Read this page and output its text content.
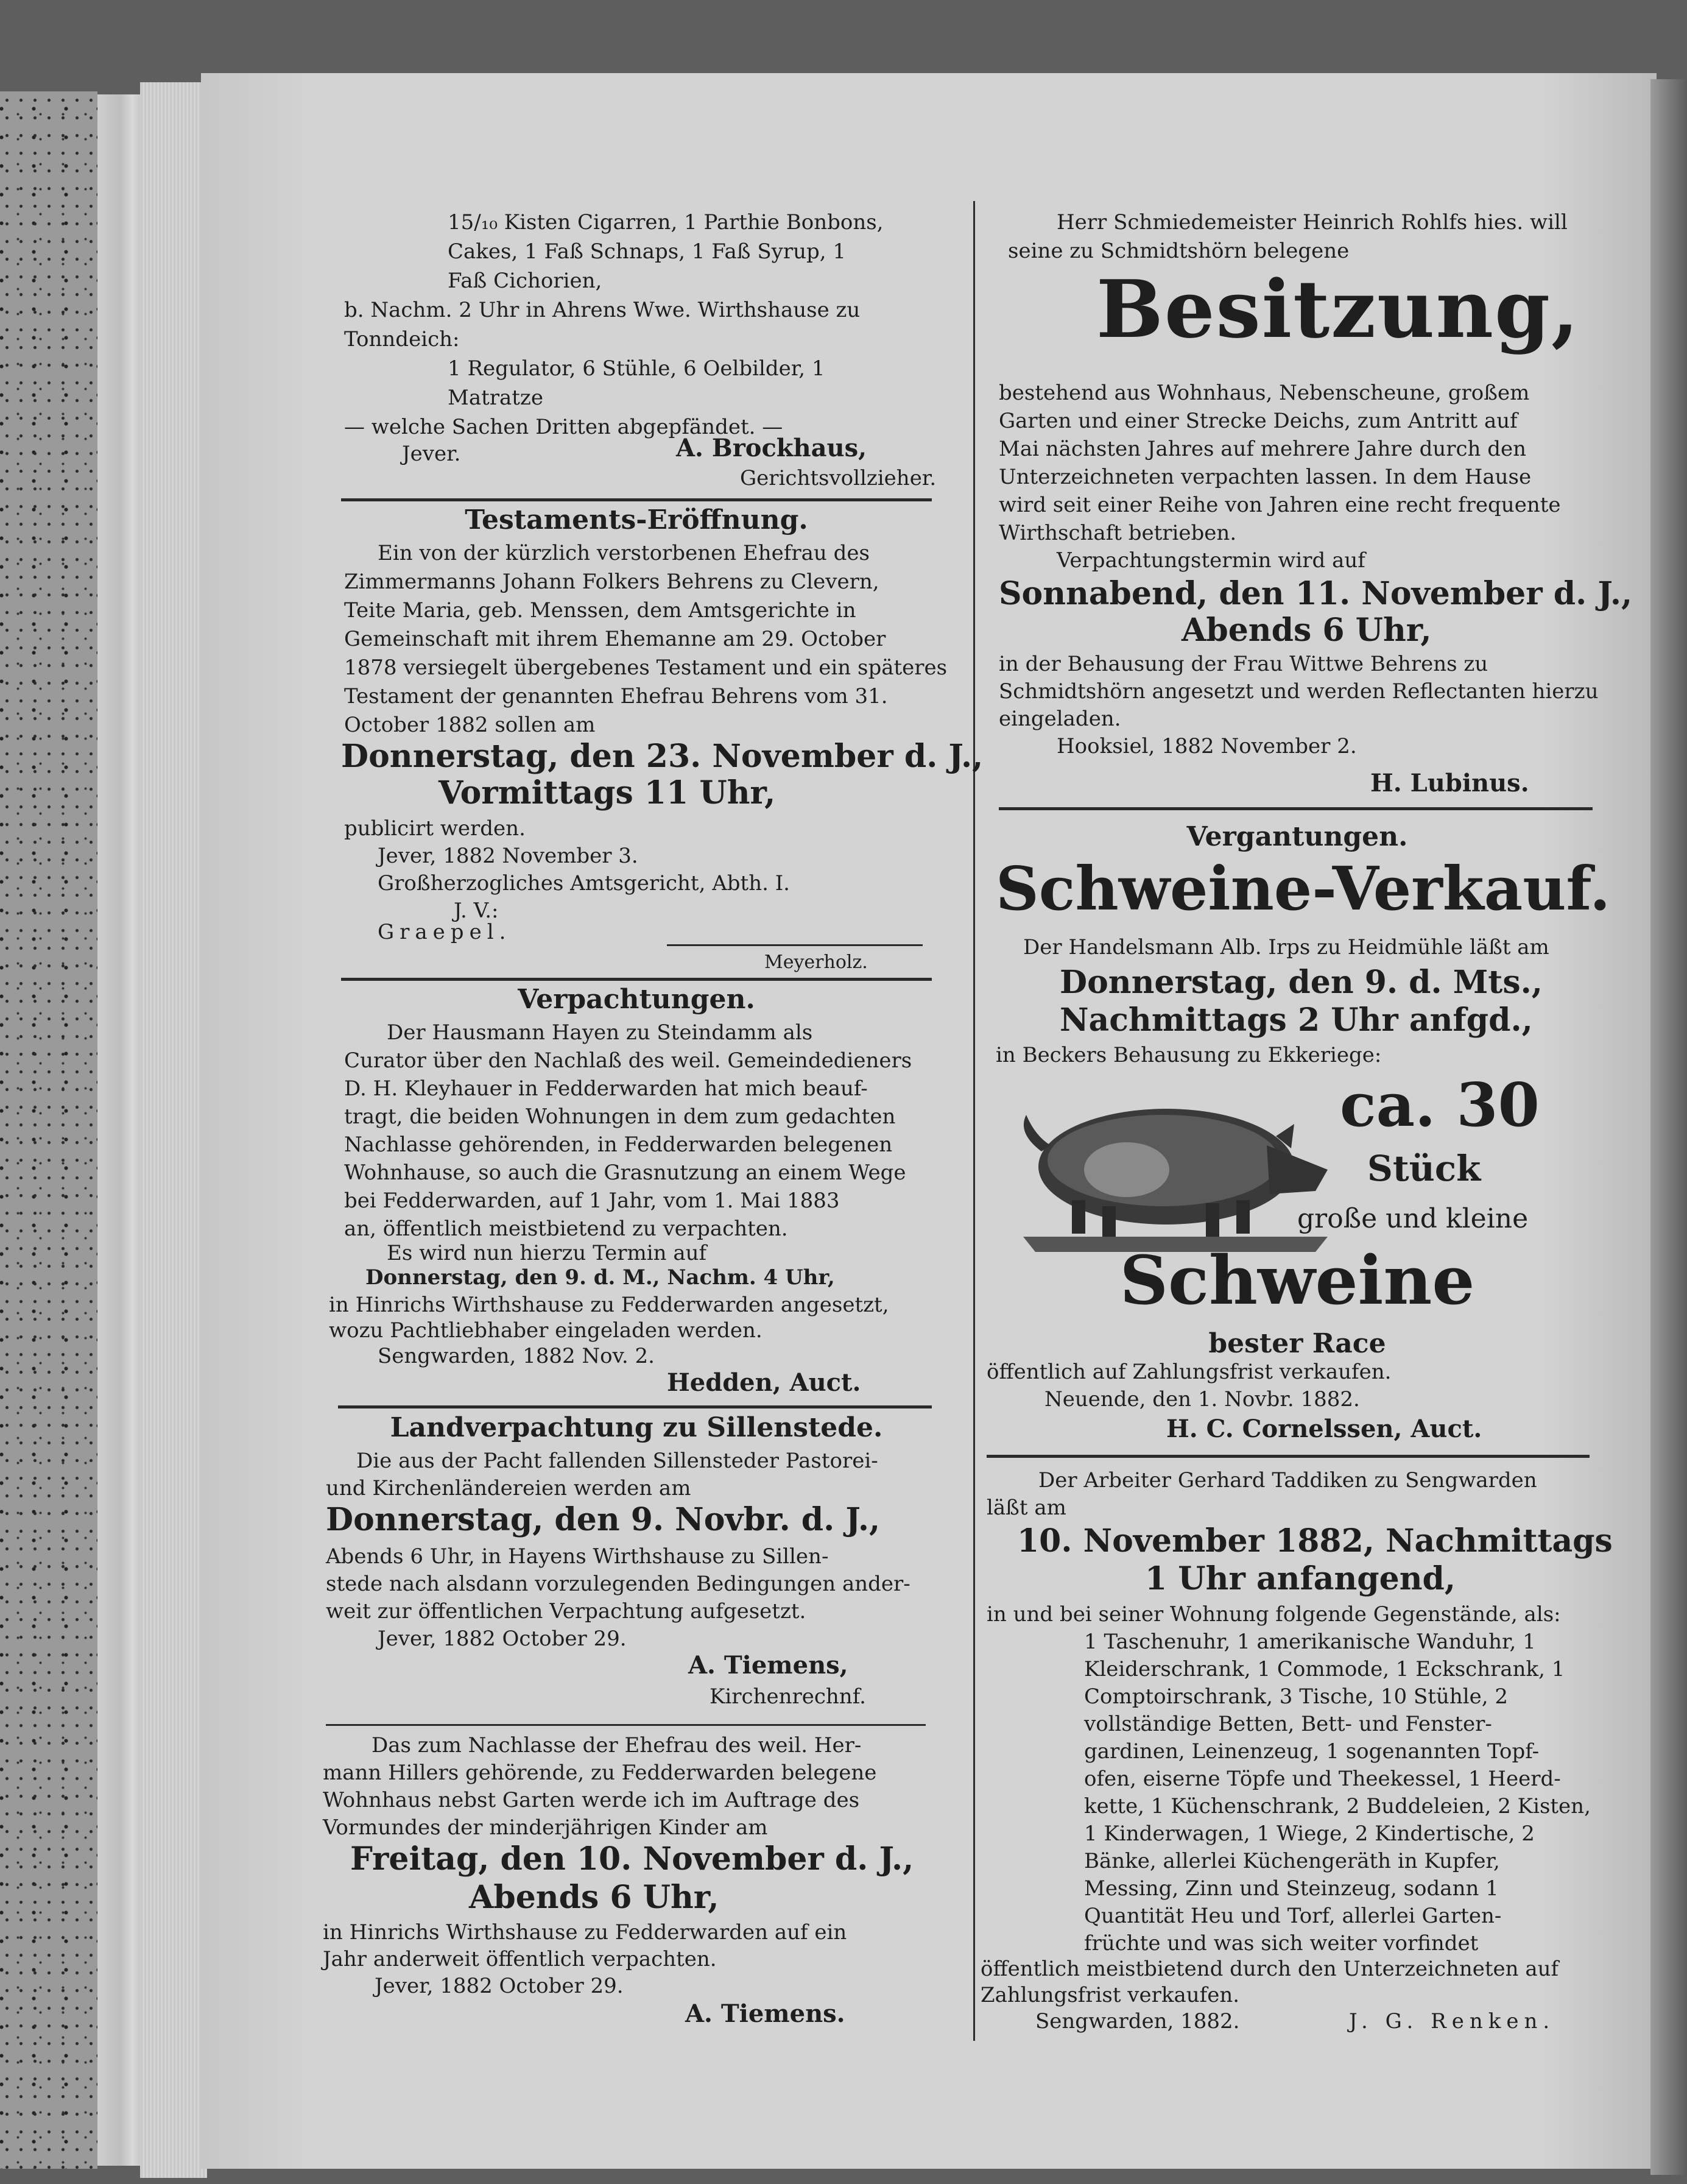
15/₁₀ Kisten Cigarren, 1 Parthie Bonbons,
Cakes, 1 Faß Schnaps, 1 Faß Syrup, 1
Faß Cichorien,
b. Nachm. 2 Uhr in Ahrens Wwe. Wirthshause zu
Tonndeich:
1 Regulator, 6 Stühle, 6 Oelbilder, 1
Matratze
— welche Sachen Dritten abgepfändet. —
Jever.	A. Brockhaus,
Gerichtsvollzieher.
Testaments-Eröffnung.
Ein von der kürzlich verstorbenen Ehefrau des
Zimmermanns Johann Folkers Behrens zu Clevern,
Teite Maria, geb. Menssen, dem Amtsgerichte in
Gemeinschaft mit ihrem Ehemanne am 29. October
1878 versiegelt übergebenes Testament und ein späteres
Testament der genannten Ehefrau Behrens vom 31.
October 1882 sollen am
Donnerstag, den 23. November d. J.,
Vormittags 11 Uhr,
publicirt werden.
Jever, 1882 November 3.
Großherzogliches Amtsgericht, Abth. I.
J. V.:
Graepel.
Meyerholz.
Verpachtungen.
Der Hausmann Hayen zu Steindamm als
Curator über den Nachlaß des weil. Gemeindedieners
D. H. Kleyhauer in Fedderwarden hat mich beauf-
tragt, die beiden Wohnungen in dem zum gedachten
Nachlasse gehörenden, in Fedderwarden belegenen
Wohnhause, so auch die Grasnutzung an einem Wege
bei Fedderwarden, auf 1 Jahr, vom 1. Mai 1883
an, öffentlich meistbietend zu verpachten.
Es wird nun hierzu Termin auf
Donnerstag, den 9. d. M., Nachm. 4 Uhr,
in Hinrichs Wirthshause zu Fedderwarden angesetzt,
wozu Pachtliebhaber eingeladen werden.
Sengwarden, 1882 Nov. 2.
Hedden, Auct.
Landverpachtung zu Sillenstede.
Die aus der Pacht fallenden Sillensteder Pastorei-
und Kirchenländereien werden am
Donnerstag, den 9. Novbr. d. J.,
Abends 6 Uhr, in Hayens Wirthshause zu Sillen-
stede nach alsdann vorzulegenden Bedingungen ander-
weit zur öffentlichen Verpachtung aufgesetzt.
Jever, 1882 October 29.
A. Tiemens,
Kirchenrechnf.
Das zum Nachlasse der Ehefrau des weil. Her-
mann Hillers gehörende, zu Fedderwarden belegene
Wohnhaus nebst Garten werde ich im Auftrage des
Vormundes der minderjährigen Kinder am
Freitag, den 10. November d. J.,
Abends 6 Uhr,
in Hinrichs Wirthshause zu Fedderwarden auf ein
Jahr anderweit öffentlich verpachten.
Jever, 1882 October 29.
A. Tiemens.
Herr Schmiedemeister Heinrich Rohlfs hies. will
seine zu Schmidtshörn belegene
Besitzung,
bestehend aus Wohnhaus, Nebenscheune, großem
Garten und einer Strecke Deichs, zum Antritt auf
Mai nächsten Jahres auf mehrere Jahre durch den
Unterzeichneten verpachten lassen. In dem Hause
wird seit einer Reihe von Jahren eine recht frequente
Wirthschaft betrieben.
Verpachtungstermin wird auf
Sonnabend, den 11. November d. J.,
Abends 6 Uhr,
in der Behausung der Frau Wittwe Behrens zu
Schmidtshörn angesetzt und werden Reflectanten hierzu
eingeladen.
Hooksiel, 1882 November 2.
H. Lubinus.
Vergantungen.
Schweine-Verkauf.
Der Handelsmann Alb. Irps zu Heidmühle läßt am
Donnerstag, den 9. d. Mts.,
Nachmittags 2 Uhr anfgd.,
in Beckers Behausung zu Ekkeriege:
ca. 30
Stück
große und kleine
Schweine
bester Race
öffentlich auf Zahlungsfrist verkaufen.
Neuende, den 1. Novbr. 1882.
H. C. Cornelssen, Auct.
Der Arbeiter Gerhard Taddiken zu Sengwarden
läßt am
10. November 1882, Nachmittags
1 Uhr anfangend,
in und bei seiner Wohnung folgende Gegenstände, als:
1 Taschenuhr, 1 amerikanische Wanduhr, 1
Kleiderschrank, 1 Commode, 1 Eckschrank, 1
Comptoirschrank, 3 Tische, 10 Stühle, 2
vollständige Betten, Bett- und Fenster-
gardinen, Leinenzeug, 1 sogenannten Topf-
ofen, eiserne Töpfe und Theekessel, 1 Heerd-
kette, 1 Küchenschrank, 2 Buddeleien, 2 Kisten,
1 Kinderwagen, 1 Wiege, 2 Kindertische, 2
Bänke, allerlei Küchengeräth in Kupfer,
Messing, Zinn und Steinzeug, sodann 1
Quantität Heu und Torf, allerlei Garten-
früchte und was sich weiter vorfindet
öffentlich meistbietend durch den Unterzeichneten auf
Zahlungsfrist verkaufen.
Sengwarden, 1882.	J. G. Renken.
